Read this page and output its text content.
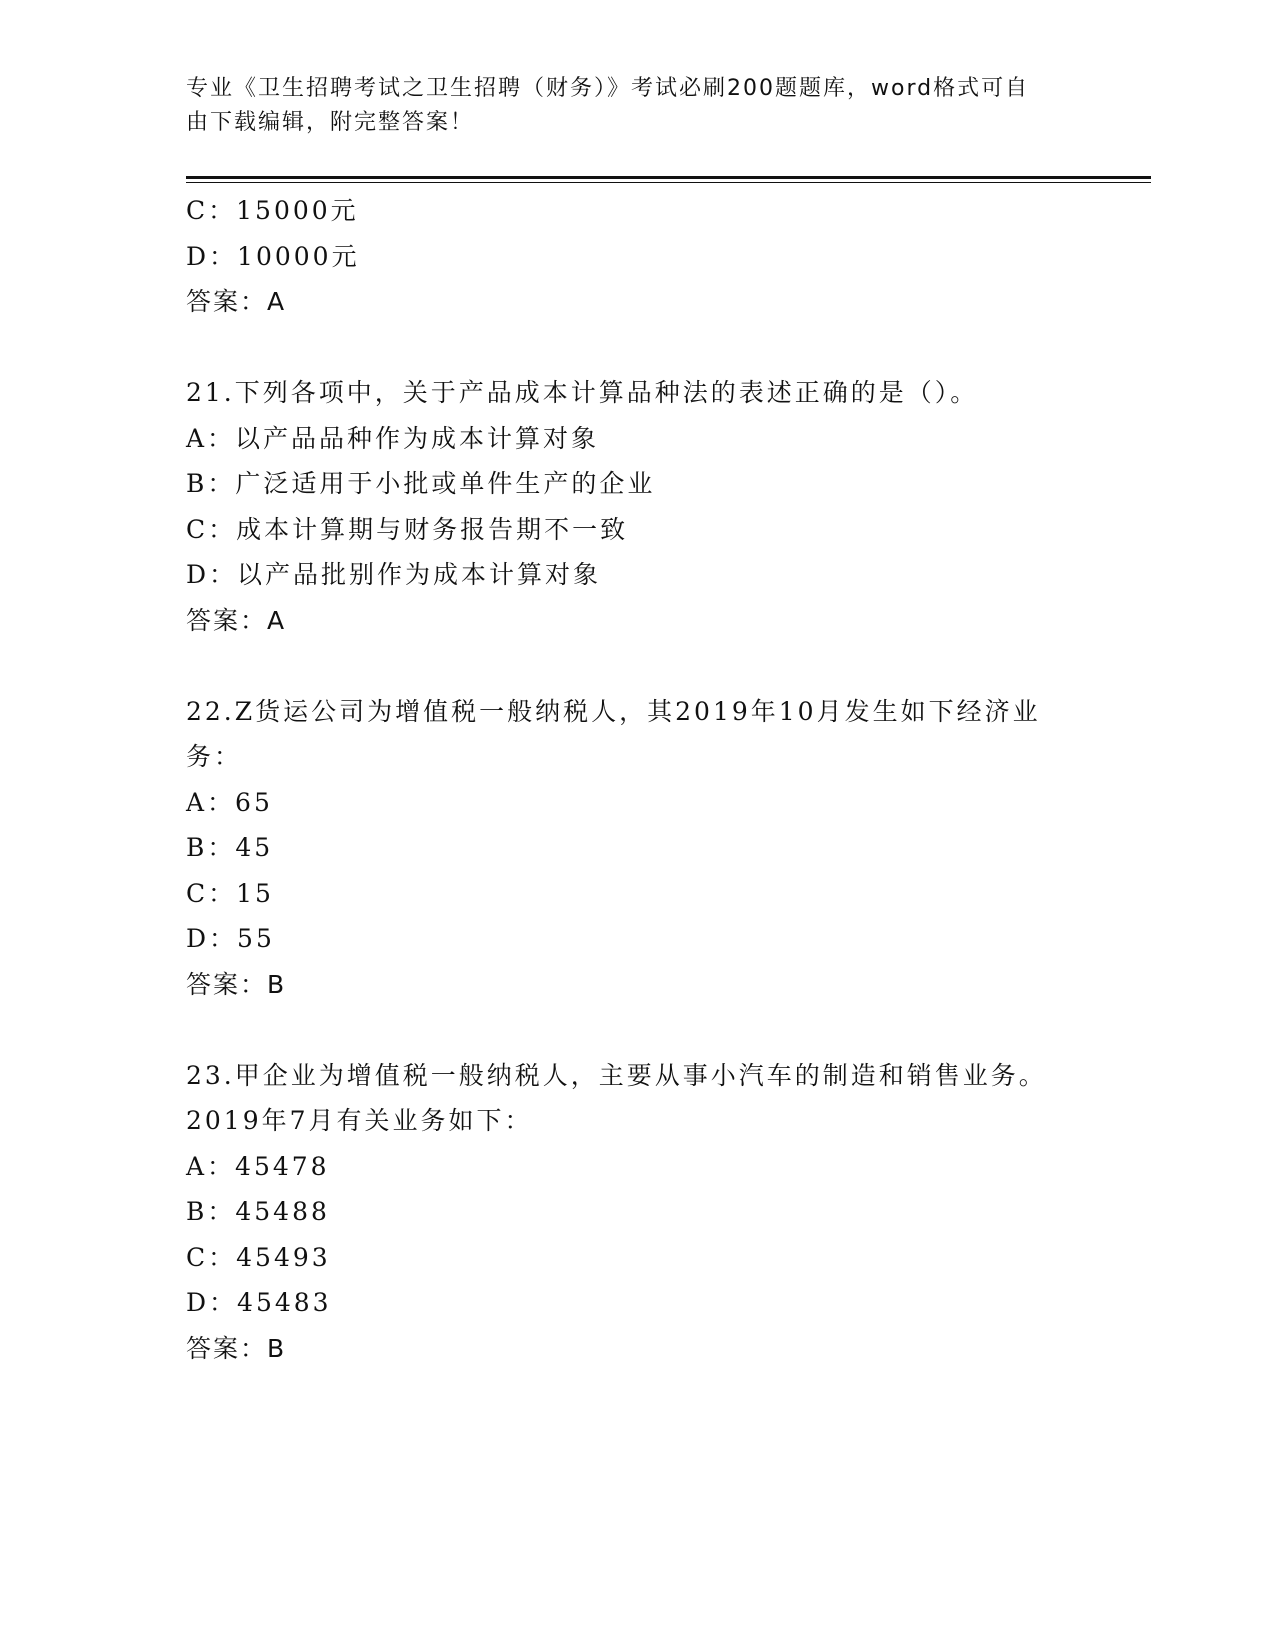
专业《卫生招聘考试之卫生招聘（财务）》考试必刷200题题库，word格式可自
由下载编辑，附完整答案！
C：15000元
D：10000元
答案：A
21.下列各项中，关于产品成本计算品种法的表述正确的是（）。
A：以产品品种作为成本计算对象
B：广泛适用于小批或单件生产的企业
C：成本计算期与财务报告期不一致
D：以产品批别作为成本计算对象
答案：A
22.Z货运公司为增值税一般纳税人，其2019年10月发生如下经济业
务：
A：65
B：45
C：15
D：55
答案：B
23.甲企业为增值税一般纳税人，主要从事小汽车的制造和销售业务。
2019年7月有关业务如下：
A：45478
B：45488
C：45493
D：45483
答案：B
